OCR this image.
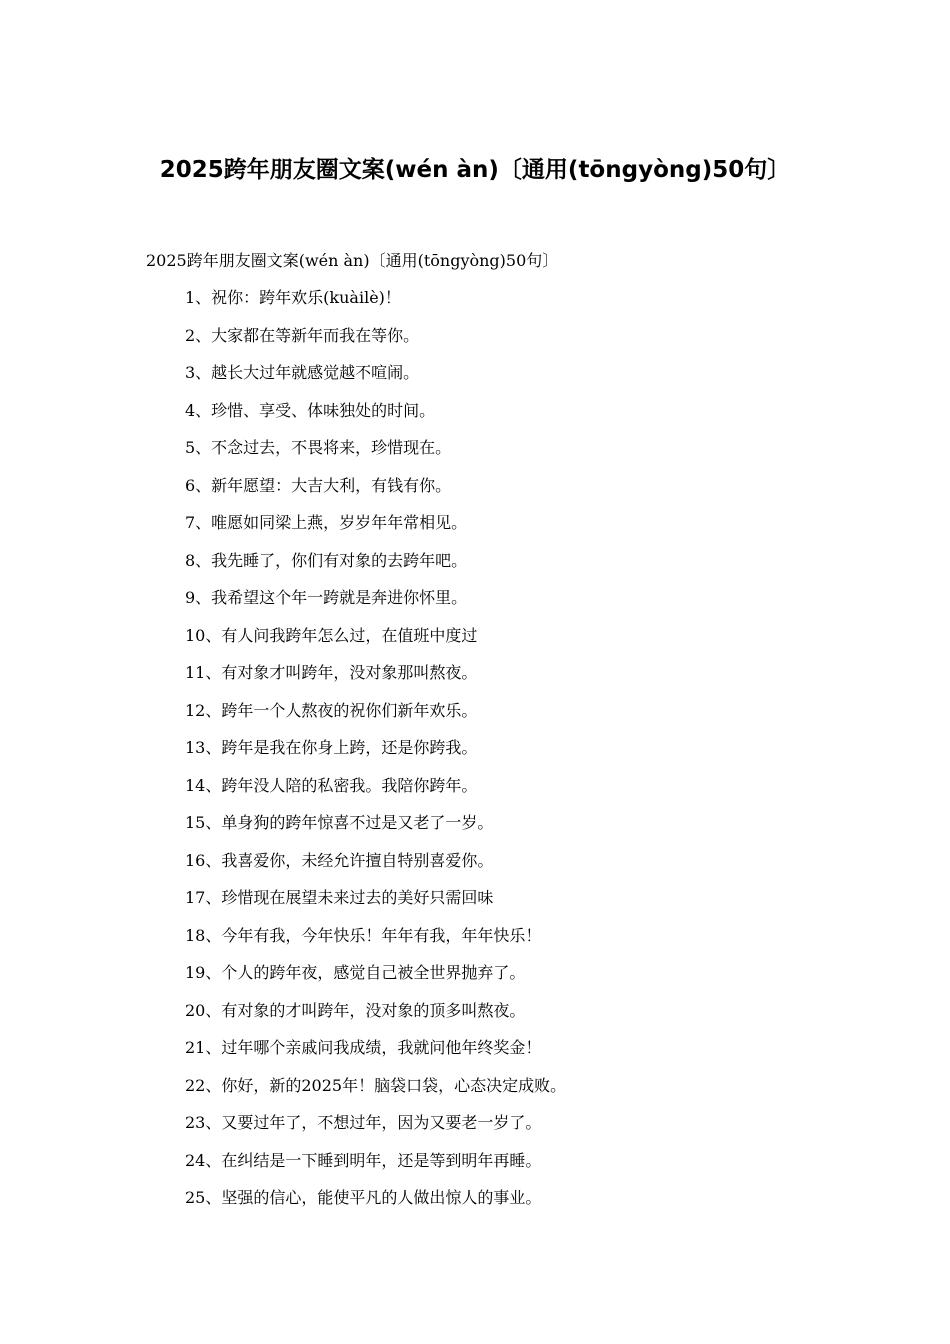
2025跨年朋友圈文案(wén àn)〔通用(tōngyòng)50句〕

2025跨年朋友圈文案(wén àn)〔通用(tōngyòng)50句〕

1、祝你：跨年欢乐(kuàilè)！
2、大家都在等新年而我在等你。
3、越长大过年就感觉越不喧闹。
4、珍惜、享受、体味独处的时间。
5、不念过去，不畏将来，珍惜现在。
6、新年愿望：大吉大利，有钱有你。
7、唯愿如同梁上燕，岁岁年年常相见。
8、我先睡了，你们有对象的去跨年吧。
9、我希望这个年一跨就是奔进你怀里。
10、有人问我跨年怎么过，在值班中度过
11、有对象才叫跨年，没对象那叫熬夜。
12、跨年一个人熬夜的祝你们新年欢乐。
13、跨年是我在你身上跨，还是你跨我。
14、跨年没人陪的私密我。我陪你跨年。
15、单身狗的跨年惊喜不过是又老了一岁。
16、我喜爱你，未经允许擅自特别喜爱你。
17、珍惜现在展望未来过去的美好只需回味
18、今年有我，今年快乐！年年有我，年年快乐！
19、个人的跨年夜，感觉自己被全世界抛弃了。
20、有对象的才叫跨年，没对象的顶多叫熬夜。
21、过年哪个亲戚问我成绩，我就问他年终奖金！
22、你好，新的2025年！脑袋口袋，心态决定成败。
23、又要过年了，不想过年，因为又要老一岁了。
24、在纠结是一下睡到明年，还是等到明年再睡。
25、坚强的信心，能使平凡的人做出惊人的事业。
